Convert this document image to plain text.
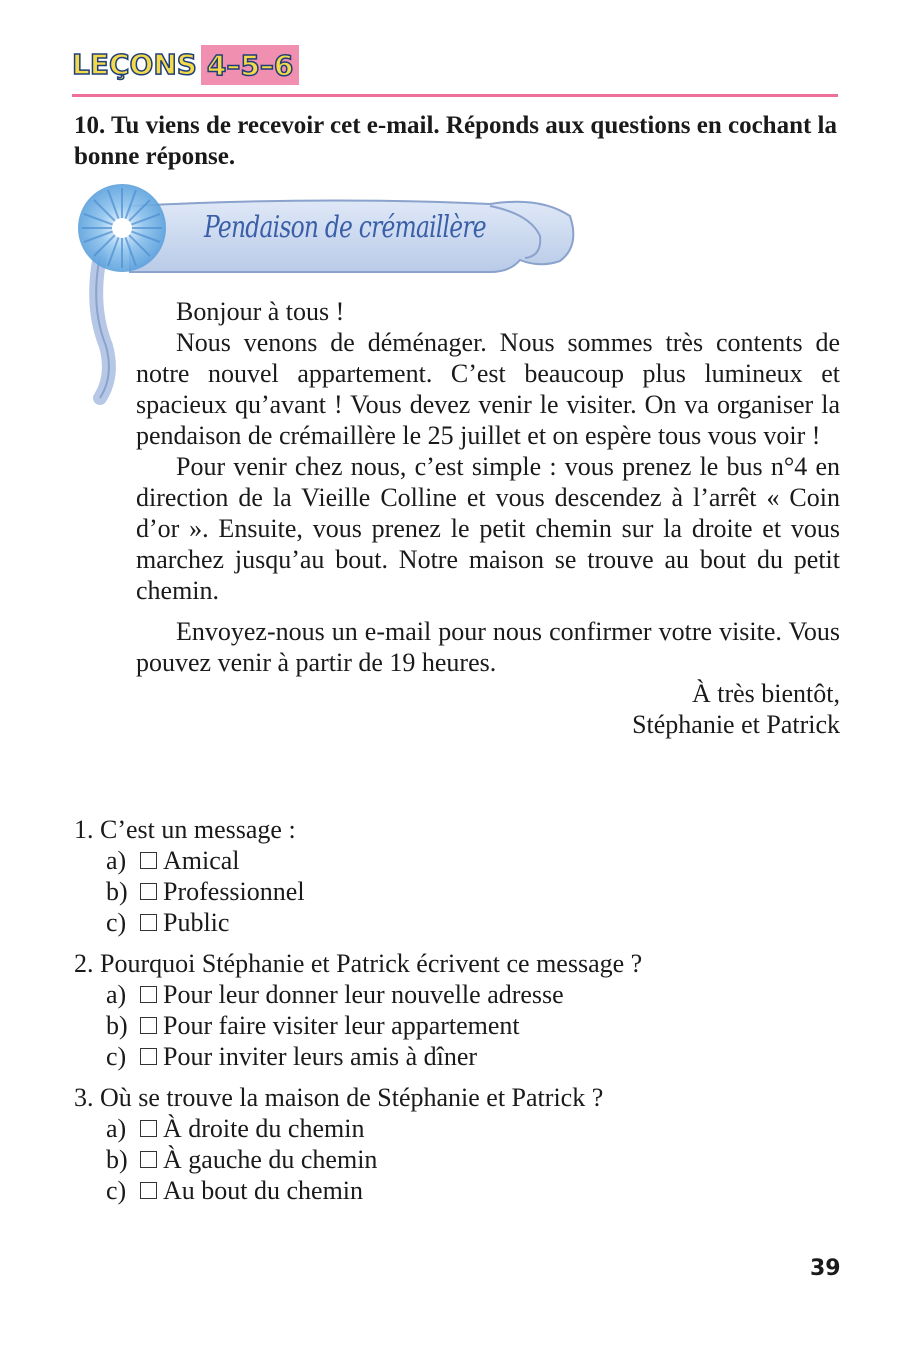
LEÇONS 4–5–6
10. Tu viens de recevoir cet e-mail. Réponds aux questions en cochant la bonne réponse.
Pendaison de crémaillère

Bonjour à tous !

Nous venons de déménager. Nous sommes très contents de notre nouvel appartement. C’est beaucoup plus lumineux et spacieux qu’avant ! Vous devez venir le visiter. On va organiser la pendaison de crémaillère le 25 juillet et on espère tous vous voir !

Pour venir chez nous, c’est simple : vous prenez le bus n°4 en direction de la Vieille Colline et vous descendez à l’arrêt « Coin d’or ». Ensuite, vous prenez le petit chemin sur la droite et vous marchez jusqu’au bout. Notre maison se trouve au bout du petit chemin.

Envoyez-nous un e-mail pour nous confirmer votre visite. Vous pouvez venir à partir de 19 heures.

À très bientôt,
Stéphanie et Patrick

1. C’est un message :

a)	Amical
b)	Professionnel
c)	Public

2. Pourquoi Stéphanie et Patrick écrivent ce message ?

a)	Pour leur donner leur nouvelle adresse
b)	Pour faire visiter leur appartement
c)	Pour inviter leurs amis à dîner

3. Où se trouve la maison de Stéphanie et Patrick ?

a)	À droite du chemin
b)	À gauche du chemin
c)	Au bout du chemin
39
